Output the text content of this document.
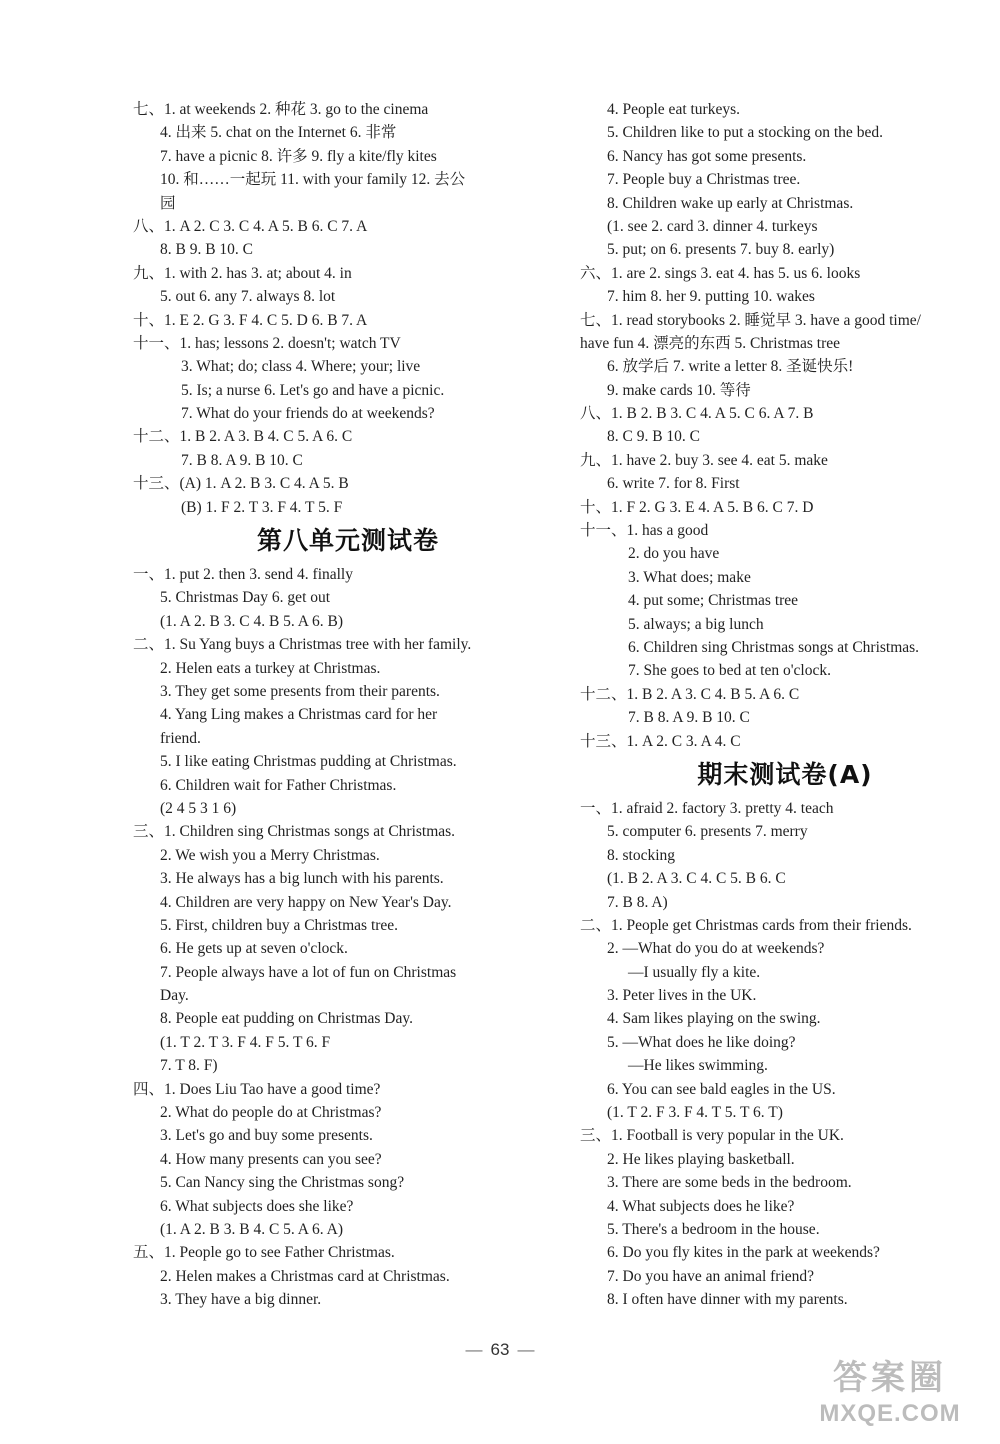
七、1. at weekends 2. 种花 3. go to the cinema
4. 出来 5. chat on the Internet 6. 非常
7. have a picnic 8. 许多 9. fly a kite/fly kites
10. 和……一起玩 11. with your family 12. 去公
园
八、1. A 2. C 3. C 4. A 5. B 6. C 7. A
8. B 9. B 10. C
九、1. with 2. has 3. at; about 4. in
5. out 6. any 7. always 8. lot
十、1. E 2. G 3. F 4. C 5. D 6. B 7. A
十一、1. has; lessons 2. doesn't; watch TV
3. What; do; class 4. Where; your; live
5. Is; a nurse 6. Let's go and have a picnic.
7. What do your friends do at weekends?
十二、1. B 2. A 3. B 4. C 5. A 6. C
7. B 8. A 9. B 10. C
十三、(A) 1. A 2. B 3. C 4. A 5. B
(B) 1. F 2. T 3. F 4. T 5. F
第八单元测试卷
一、1. put 2. then 3. send 4. finally
5. Christmas Day 6. get out
(1. A 2. B 3. C 4. B 5. A 6. B)
二、1. Su Yang buys a Christmas tree with her family.
2. Helen eats a turkey at Christmas.
3. They get some presents from their parents.
4. Yang Ling makes a Christmas card for her
friend.
5. I like eating Christmas pudding at Christmas.
6. Children wait for Father Christmas.
(2 4 5 3 1 6)
三、1. Children sing Christmas songs at Christmas.
2. We wish you a Merry Christmas.
3. He always has a big lunch with his parents.
4. Children are very happy on New Year's Day.
5. First, children buy a Christmas tree.
6. He gets up at seven o'clock.
7. People always have a lot of fun on Christmas
Day.
8. People eat pudding on Christmas Day.
(1. T 2. T 3. F 4. F 5. T 6. F
7. T 8. F)
四、1. Does Liu Tao have a good time?
2. What do people do at Christmas?
3. Let's go and buy some presents.
4. How many presents can you see?
5. Can Nancy sing the Christmas song?
6. What subjects does she like?
(1. A 2. B 3. B 4. C 5. A 6. A)
五、1. People go to see Father Christmas.
2. Helen makes a Christmas card at Christmas.
3. They have a big dinner.
4. People eat turkeys.
5. Children like to put a stocking on the bed.
6. Nancy has got some presents.
7. People buy a Christmas tree.
8. Children wake up early at Christmas.
(1. see 2. card 3. dinner 4. turkeys
5. put; on 6. presents 7. buy 8. early)
六、1. are 2. sings 3. eat 4. has 5. us 6. looks
7. him 8. her 9. putting 10. wakes
七、1. read storybooks 2. 睡觉早 3. have a good time/
have fun 4. 漂亮的东西 5. Christmas tree
6. 放学后 7. write a letter 8. 圣诞快乐!
9. make cards 10. 等待
八、1. B 2. B 3. C 4. A 5. C 6. A 7. B
8. C 9. B 10. C
九、1. have 2. buy 3. see 4. eat 5. make
6. write 7. for 8. First
十、1. F 2. G 3. E 4. A 5. B 6. C 7. D
十一、1. has a good
2. do you have
3. What does; make
4. put some; Christmas tree
5. always; a big lunch
6. Children sing Christmas songs at Christmas.
7. She goes to bed at ten o'clock.
十二、1. B 2. A 3. C 4. B 5. A 6. C
7. B 8. A 9. B 10. C
十三、1. A 2. C 3. A 4. C
期末测试卷(A)
一、1. afraid 2. factory 3. pretty 4. teach
5. computer 6. presents 7. merry
8. stocking
(1. B 2. A 3. C 4. C 5. B 6. C
7. B 8. A)
二、1. People get Christmas cards from their friends.
2. —What do you do at weekends?
—I usually fly a kite.
3. Peter lives in the UK.
4. Sam likes playing on the swing.
5. —What does he like doing?
—He likes swimming.
6. You can see bald eagles in the US.
(1. T 2. F 3. F 4. T 5. T 6. T)
三、1. Football is very popular in the UK.
2. He likes playing basketball.
3. There are some beds in the bedroom.
4. What subjects does he like?
5. There's a bedroom in the house.
6. Do you fly kites in the park at weekends?
7. Do you have an animal friend?
8. I often have dinner with my parents.
— 63 —
答案圈
MXQE.COM
